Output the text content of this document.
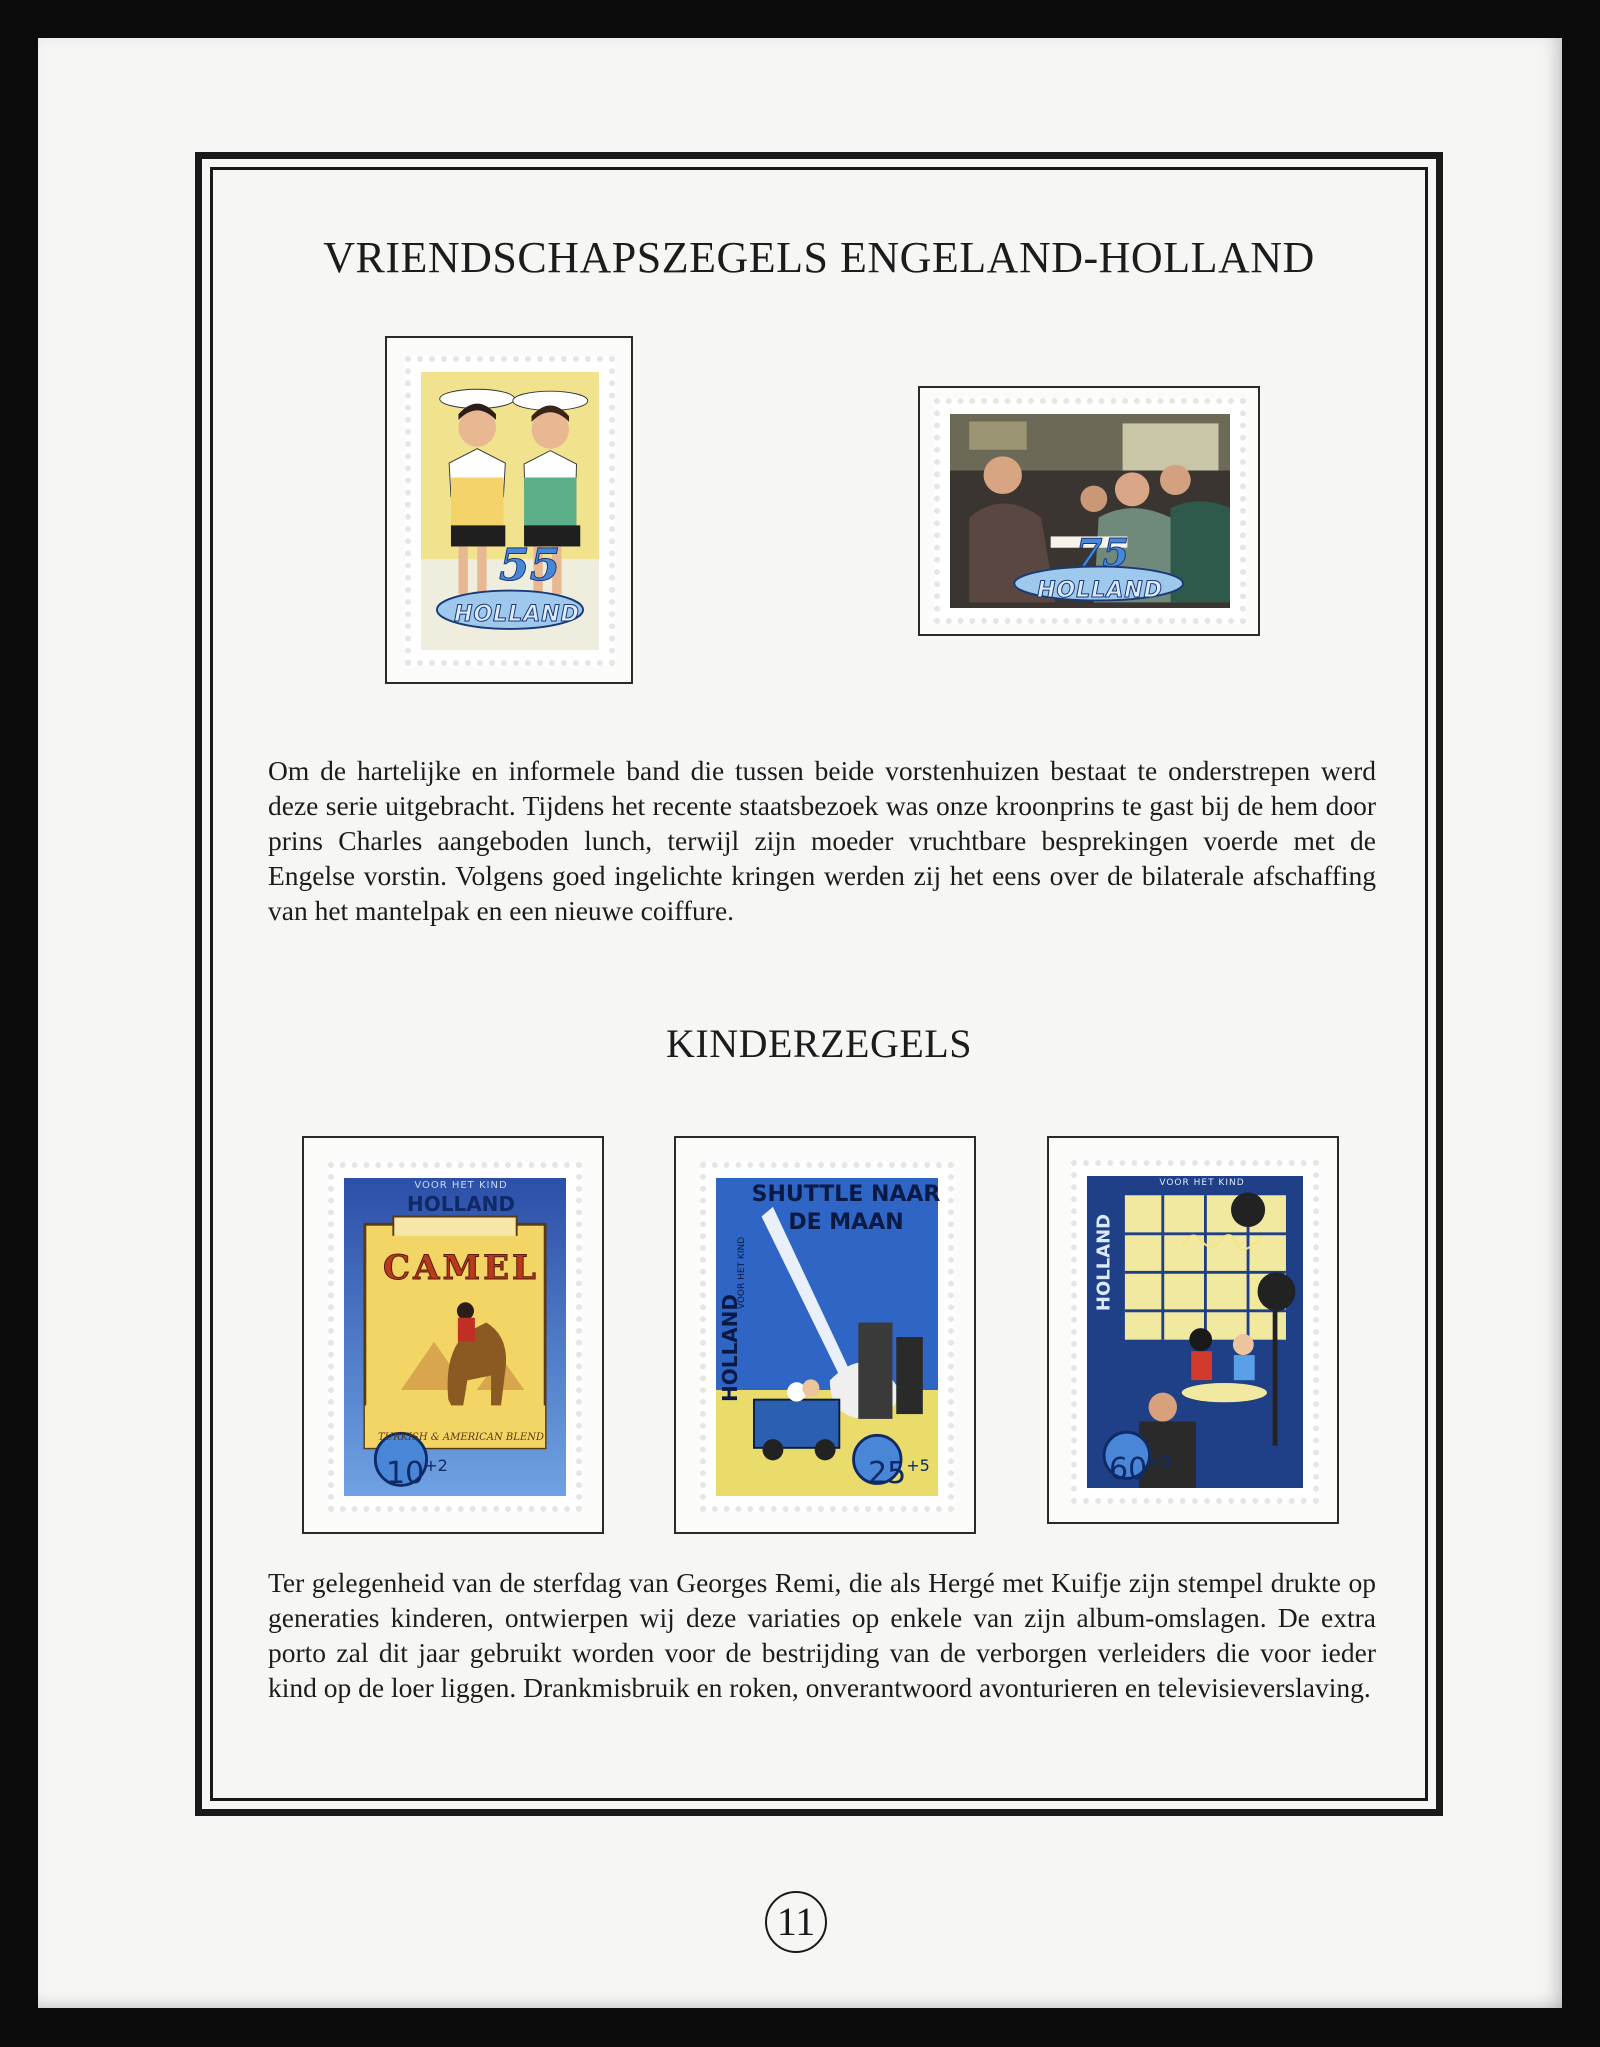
VRIENDSCHAPSZEGELS ENGELAND-HOLLAND
55
HOLLAND
75
HOLLAND

Om de hartelijke en informele band die tussen beide vorstenhuizen bestaat te onderstrepen werd deze serie uitgebracht. Tijdens het recente staatsbezoek was onze kroonprins te gast bij de hem door prins Charles aangeboden lunch, terwijl zijn moeder vruchtbare besprekingen voerde met de Engelse vorstin. Volgens goed ingelichte kringen werden zij het eens over de bilaterale afschaffing van het mantelpak en een nieuwe coiffure.

KINDERZEGELS
VOOR HET KIND
HOLLAND
CAMEL
TURKISH & AMERICAN BLEND
$10^{+2}$
SHUTTLE NAAR
DE MAAN
HOLLAND
VOOR HET KIND
$25^{+5}$
HOLLAND
VOOR HET KIND
$60^{+9}$

Ter gelegenheid van de sterfdag van Georges Remi, die als Hergé met Kuifje zijn stempel drukte op generaties kinderen, ontwierpen wij deze variaties op enkele van zijn album-omslagen. De extra porto zal dit jaar gebruikt worden voor de bestrijding van de verborgen verleiders die voor ieder kind op de loer liggen. Drankmisbruik en roken, onverantwoord avonturieren en televisieverslaving.

11
